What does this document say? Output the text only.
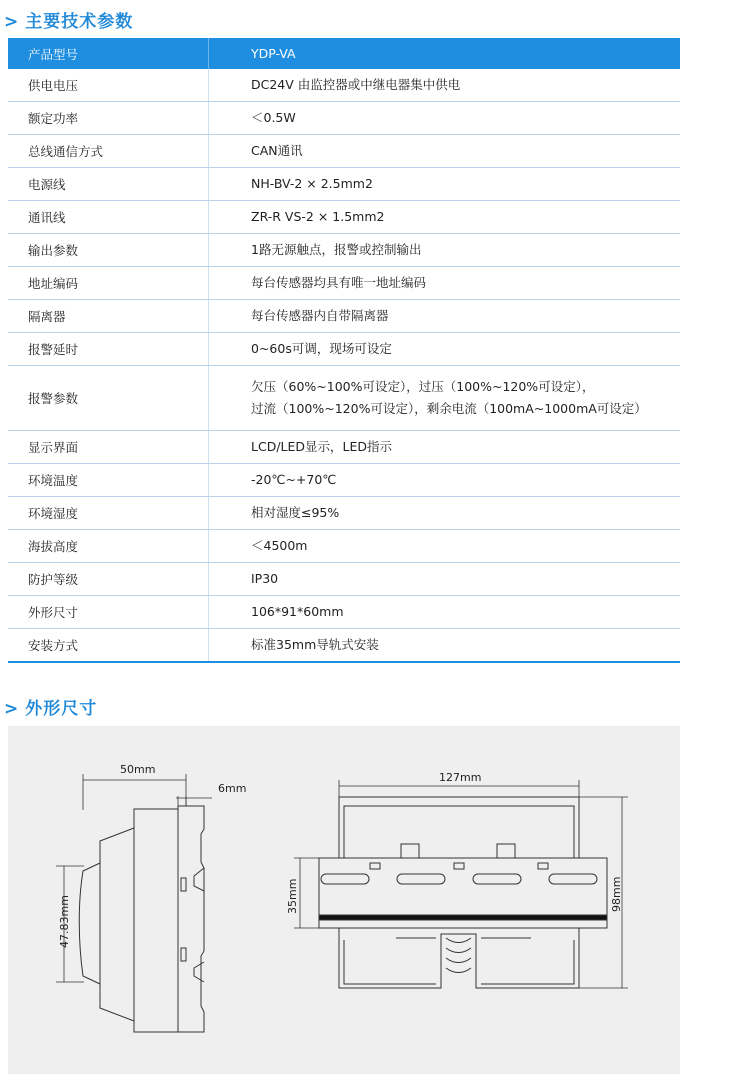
> 主要技术参数
产品型号	YDP-VA
供电电压	DC24V 由监控器或中继电器集中供电

额定功率	＜0.5W

总线通信方式	CAN通讯

电源线	NH-BV-2 × 2.5mm2

通讯线	ZR-R VS-2 × 1.5mm2

输出参数	1路无源触点，报警或控制输出

地址编码	每台传感器均具有唯一地址编码

隔离器	每台传感器内自带隔离器

报警延时	0~60s可调，现场可设定

报警参数	欠压（60%~100%可设定），过压（100%~120%可设定），
过流（100%~120%可设定），剩余电流（100mA~1000mA可设定）

显示界面	LCD/LED显示，LED指示

环境温度	-20℃~+70℃

环境湿度	相对湿度≤95%

海拔高度	＜4500m

防护等级	IP30

外形尺寸	106*91*60mm

安装方式	标准35mm导轨式安装
> 外形尺寸
50mm
6mm
47.83mm
127mm
35mm	98mm
